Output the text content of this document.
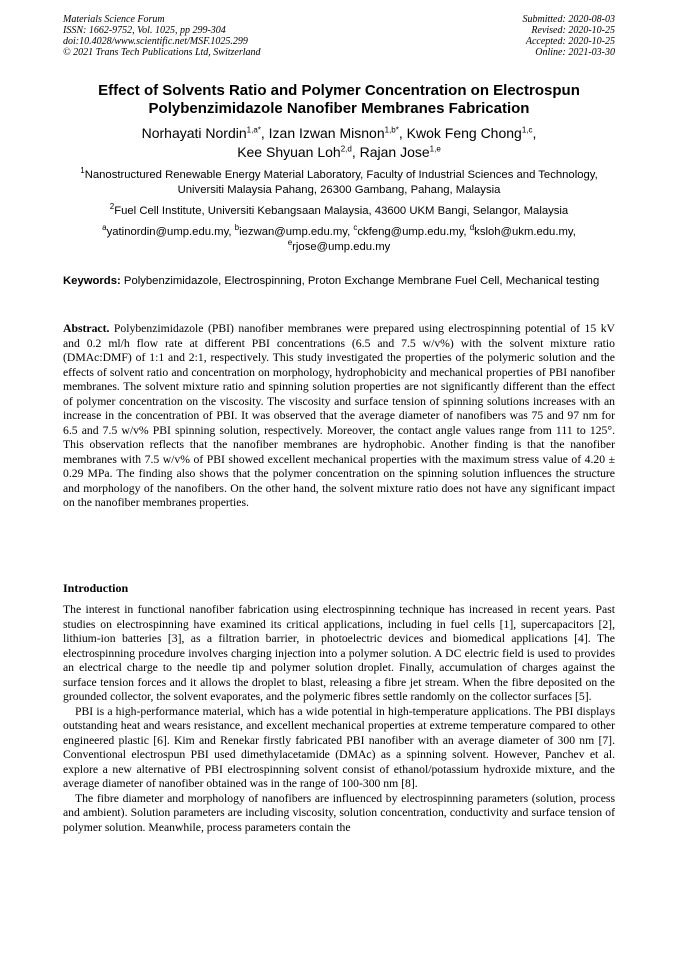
Materials Science Forum
ISSN: 1662-9752, Vol. 1025, pp 299-304
doi:10.4028/www.scientific.net/MSF.1025.299
© 2021 Trans Tech Publications Ltd, Switzerland
Submitted: 2020-08-03
Revised: 2020-10-25
Accepted: 2020-10-25
Online: 2021-03-30
Effect of Solvents Ratio and Polymer Concentration on Electrospun
Polybenzimidazole Nanofiber Membranes Fabrication
Norhayati Nordin$^{1,a*}$, Izan Izwan Misnon$^{1,b*}$, Kwok Feng Chong$^{1,c}$,
Kee Shyuan Loh$^{2,d}$, Rajan Jose$^{1,e}$
$^1$Nanostructured Renewable Energy Material Laboratory, Faculty of Industrial Sciences and Technology, Universiti Malaysia Pahang, 26300 Gambang, Pahang, Malaysia
$^2$Fuel Cell Institute, Universiti Kebangsaan Malaysia, 43600 UKM Bangi, Selangor, Malaysia
$^a$yatinordin@ump.edu.my, $^b$iezwan@ump.edu.my, $^c$ckfeng@ump.edu.my, $^d$ksloh@ukm.edu.my,
$^e$rjose@ump.edu.my
Keywords: Polybenzimidazole, Electrospinning, Proton Exchange Membrane Fuel Cell, Mechanical testing
Abstract. Polybenzimidazole (PBI) nanofiber membranes were prepared using electrospinning potential of 15 kV and 0.2 ml/h flow rate at different PBI concentrations (6.5 and 7.5 w/v%) with the solvent mixture ratio (DMAc:DMF) of 1:1 and 2:1, respectively. This study investigated the properties of the polymeric solution and the effects of solvent ratio and concentration on morphology, hydrophobicity and mechanical properties of PBI nanofiber membranes. The solvent mixture ratio and spinning solution properties are not significantly different than the effect of polymer concentration on the viscosity. The viscosity and surface tension of spinning solutions increases with an increase in the concentration of PBI. It was observed that the average diameter of nanofibers was 75 and 97 nm for 6.5 and 7.5 w/v% PBI spinning solution, respectively. Moreover, the contact angle values range from 111 to 125°. This observation reflects that the nanofiber membranes are hydrophobic. Another finding is that the nanofiber membranes with 7.5 w/v% of PBI showed excellent mechanical properties with the maximum stress value of 4.20 ± 0.29 MPa. The finding also shows that the polymer concentration on the spinning solution influences the structure and morphology of the nanofibers. On the other hand, the solvent mixture ratio does not have any significant impact on the nanofiber membranes properties.
Introduction

The interest in functional nanofiber fabrication using electrospinning technique has increased in recent years. Past studies on electrospinning have examined its critical applications, including in fuel cells [1], supercapacitors [2], lithium-ion batteries [3], as a filtration barrier, in photoelectric devices and biomedical applications [4]. The electrospinning procedure involves charging injection into a polymer solution. A DC electric field is used to provides an electrical charge to the needle tip and polymer solution droplet. Finally, accumulation of charges against the surface tension forces and it allows the droplet to blast, releasing a fibre jet stream. When the fibre deposited on the grounded collector, the solvent evaporates, and the polymeric fibres settle randomly on the collector surfaces [5].

PBI is a high-performance material, which has a wide potential in high-temperature applications. The PBI displays outstanding heat and wears resistance, and excellent mechanical properties at extreme temperature compared to other engineered plastic [6]. Kim and Renekar firstly fabricated PBI nanofiber with an average diameter of 300 nm [7]. Conventional electrospun PBI used dimethylacetamide (DMAc) as a spinning solvent. However, Panchev et al. explore a new alternative of PBI electrospinning solvent consist of ethanol/potassium hydroxide mixture, and the average diameter of nanofiber obtained was in the range of 100-300 nm [8].

The fibre diameter and morphology of nanofibers are influenced by electrospinning parameters (solution, process and ambient). Solution parameters are including viscosity, solution concentration, conductivity and surface tension of polymer solution. Meanwhile, process parameters contain the
